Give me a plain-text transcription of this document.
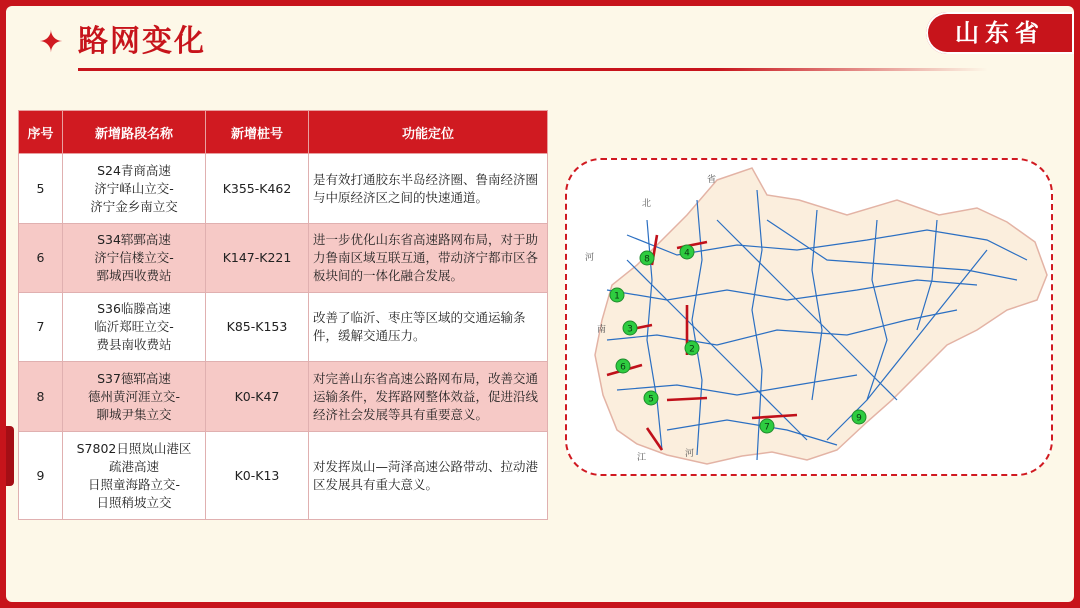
✦ 路网变化	山东省
序号	新增路段名称	新增桩号	功能定位
5	S24青商高速
济宁峄山立交-
济宁金乡南立交	K355-K462	是有效打通胶东半岛经济圈、鲁南经济圈与中原经济区之间的快速通道。
6	S34郓鄄高速
济宁信楼立交-
鄄城西收费站	K147-K221	进一步优化山东省高速路网布局，对于助力鲁南区域互联互通，带动济宁都市区各板块间的一体化融合发展。
7	S36临滕高速
临沂郑旺立交-
费县南收费站	K85-K153	改善了临沂、枣庄等区域的交通运输条件，缓解交通压力。
8	S37德郓高速
德州黄河涯立交-
聊城尹集立交	K0-K47	对完善山东省高速公路网布局，改善交通运输条件，发挥路网整体效益，促进沿线经济社会发展等具有重要意义。
9	S7802日照岚山港区
疏港高速
日照童海路立交-
日照稍坡立交	K0-K13	对发挥岚山—菏泽高速公路带动、拉动港区发展具有重大意义。
1
2
3
4
5
6
7
8
9
省
北
河
南
江	河
